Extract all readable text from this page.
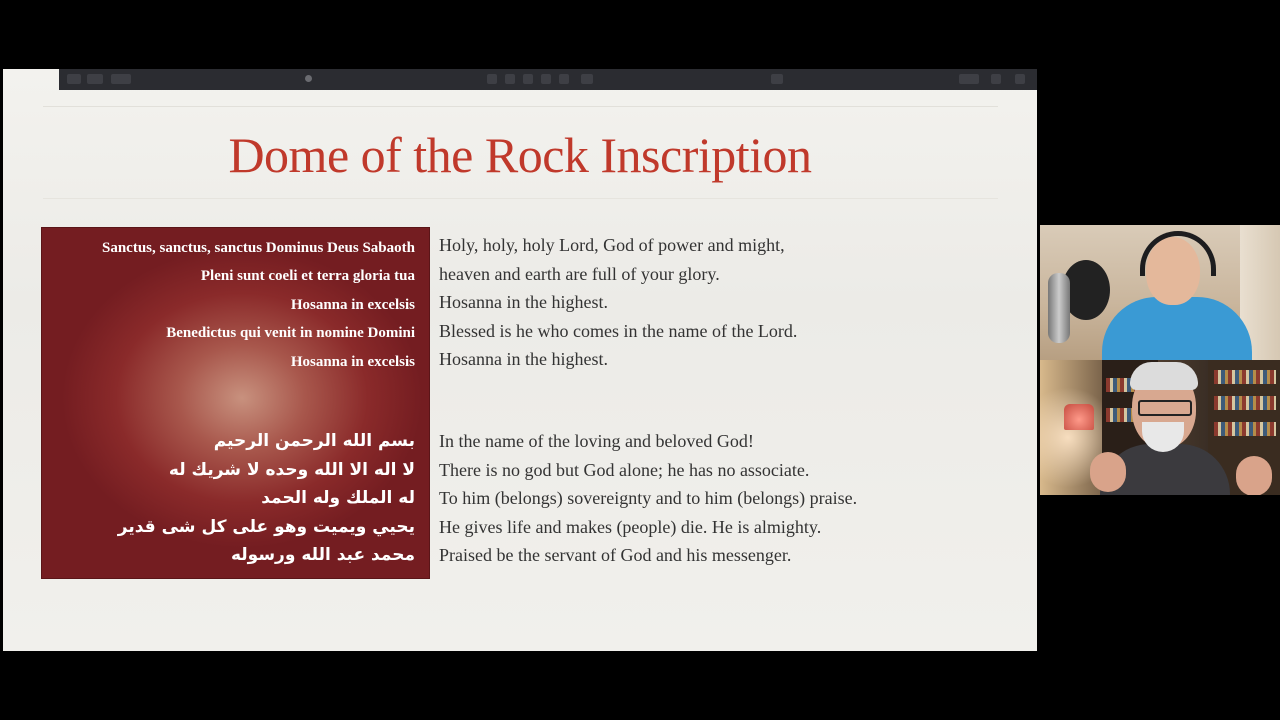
Dome of the Rock Inscription
Sanctus, sanctus, sanctus Dominus Deus Sabaoth
Pleni sunt coeli et terra gloria tua
Hosanna in excelsis
Benedictus qui venit in nomine Domini
Hosanna in excelsis
بسم الله الرحمن الرحيم
لا اله الا الله وحده لا شريك له
له الملك وله الحمد
يحيي ويميت وهو على كل شى قدير
محمد عبد الله ورسوله
Holy, holy, holy Lord, God of power and might,
heaven and earth are full of your glory.
Hosanna in the highest.
Blessed is he who comes in the name of the Lord.
Hosanna in the highest.
In the name of the loving and beloved God!
There is no god but God alone; he has no associate.
To him (belongs) sovereignty and to him (belongs) praise.
He gives life and makes (people) die. He is almighty.
Praised be the servant of God and his messenger.
